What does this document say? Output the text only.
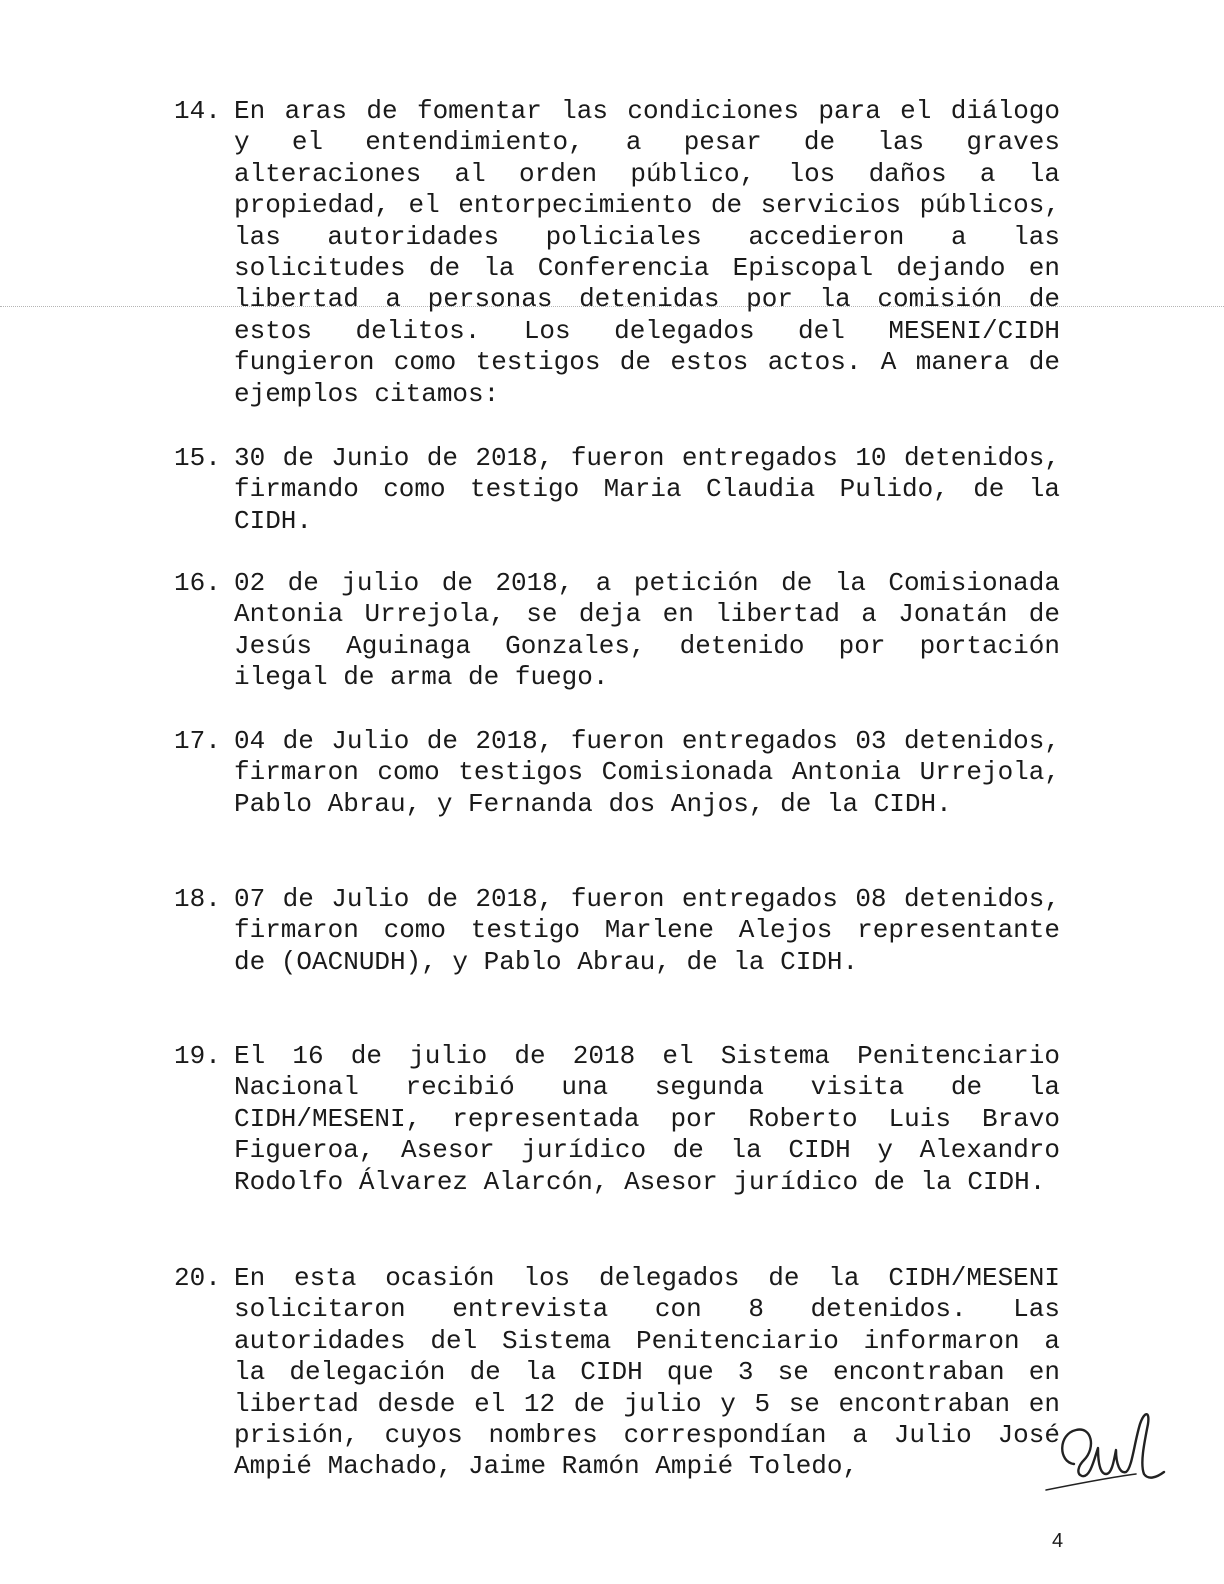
14. En aras de fomentar las condiciones para el diálogo y el entendimiento, a pesar de las graves alteraciones al orden público, los daños a la propiedad, el entorpecimiento de servicios públicos, las autoridades policiales accedieron a las solicitudes de la Conferencia Episcopal dejando en libertad a personas detenidas por la comisión de estos delitos. Los delegados del MESENI/CIDH fungieron como testigos de estos actos. A manera de ejemplos citamos:
15. 30 de Junio de 2018, fueron entregados 10 detenidos, firmando como testigo Maria Claudia Pulido, de la CIDH.
16. 02 de julio de 2018, a petición de la Comisionada Antonia Urrejola, se deja en libertad a Jonatán de Jesús Aguinaga Gonzales, detenido por portación ilegal de arma de fuego.
17. 04 de Julio de 2018, fueron entregados 03 detenidos, firmaron como testigos Comisionada Antonia Urrejola, Pablo Abrau, y Fernanda dos Anjos, de la CIDH.
18. 07 de Julio de 2018, fueron entregados 08 detenidos, firmaron como testigo Marlene Alejos representante de (OACNUDH), y Pablo Abrau, de la CIDH.
19. El 16 de julio de 2018 el Sistema Penitenciario Nacional recibió una segunda visita de la CIDH/MESENI, representada por Roberto Luis Bravo Figueroa, Asesor jurídico de la CIDH y Alexandro Rodolfo Álvarez Alarcón, Asesor jurídico de la CIDH.
20. En esta ocasión los delegados de la CIDH/MESENI solicitaron entrevista con 8 detenidos. Las autoridades del Sistema Penitenciario informaron a la delegación de la CIDH que 3 se encontraban en libertad desde el 12 de julio y 5 se encontraban en prisión, cuyos nombres correspondían a Julio José Ampié Machado, Jaime Ramón Ampié Toledo,
4
